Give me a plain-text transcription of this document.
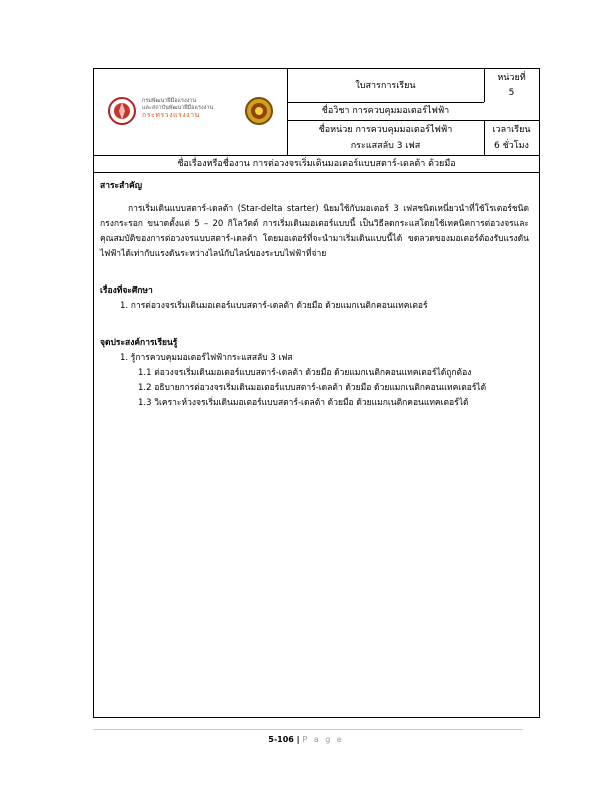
กรมพัฒนาฝีมือแรงงาน
และสถาบันพัฒนาฝีมือแรงงาน
กระทรวงแรงงาน
ใบสารการเรียน
หน่วยที่
5
ชื่อวิชา การควบคุมมอเตอร์ไฟฟ้า
ชื่อหน่วย การควบคุมมอเตอร์ไฟฟ้า
กระแสสลับ 3 เฟส
เวลาเรียน
6 ชั่วโมง
ชื่อเรื่องหรือชื่องาน การต่อวงจรเริ่มเดินมอเตอร์แบบสตาร์-เดลต้า ด้วยมือ
สาระสำคัญ
การเริ่มเดินแบบสตาร์-เดลต้า (Star-delta starter) นิยมใช้กับมอเตอร์ 3 เฟสชนิดเหนี่ยวนำที่ใช้โรเตอร์ชนิดกรงกระรอก ขนาดตั้งแต่ 5 – 20 กิโลวัตต์ การเริ่มเดินมอเตอร์แบบนี้ เป็นวิธีลดกระแสโดยใช้เทคนิคการต่อวงจรและคุณสมบัติของการต่อวงจรแบบสตาร์-เดลต้า โดยมอเตอร์ที่จะนำมาเริ่มเดินแบบนี้ได้ ขดลวดของมอเตอร์ต้องรับแรงดันไฟฟ้าได้เท่ากับแรงดันระหว่างไลน์กับไลน์ของระบบไฟฟ้าที่จ่าย
เรื่องที่จะศึกษา
1. การต่อวงจรเริ่มเดินมอเตอร์แบบสตาร์-เดลต้า ด้วยมือ ด้วยแมกเนติกคอนแทคเตอร์
จุดประสงค์การเรียนรู้
1. รู้การควบคุมมอเตอร์ไฟฟ้ากระแสสลับ 3 เฟส
1.1 ต่อวงจรเริ่มเดินมอเตอร์แบบสตาร์-เดลต้า ด้วยมือ ด้วยแมกเนติกคอนแทคเตอร์ได้ถูกต้อง
1.2 อธิบายการต่อวงจรเริ่มเดินมอเตอร์แบบสตาร์-เดลต้า ด้วยมือ ด้วยแมกเนติกคอนแทคเตอร์ได้
1.3 วิเคราะห์วงจรเริ่มเดินมอเตอร์แบบสตาร์-เดลต้า ด้วยมือ ด้วยแมกเนติกคอนแทคเตอร์ได้
5-106 | P a g e
